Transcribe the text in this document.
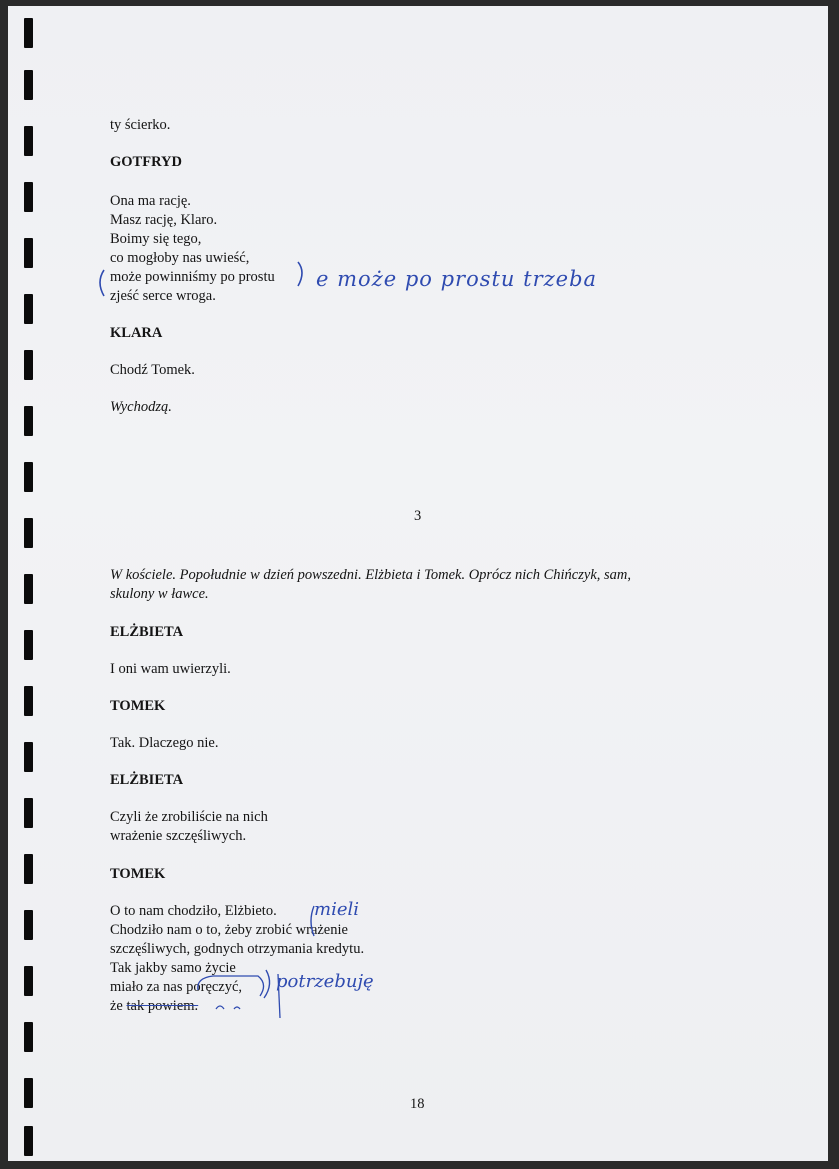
ty ścierko.
GOTFRYD
Ona ma rację.
Masz rację, Klaro.
Boimy się tego,
co mogłoby nas uwieść,
może powinniśmy po prostu
zjeść serce wroga.
KLARA
Chodź Tomek.
Wychodzą.
3
W kościele. Popołudnie w dzień powszedni. Elżbieta i Tomek. Oprócz nich Chińczyk, sam,
skulony w ławce.
ELŻBIETA
I oni wam uwierzyli.
TOMEK
Tak. Dlaczego nie.
ELŻBIETA
Czyli że zrobiliście na nich
wrażenie szczęśliwych.
TOMEK
O to nam chodziło, Elżbieto.
Chodziło nam o to, żeby zrobić wrażenie
szczęśliwych, godnych otrzymania kredytu.
Tak jakby samo życie
miało za nas poręczyć,
że tak powiem.
18
e może po prostu trzeba
mieli
potrzebuję
